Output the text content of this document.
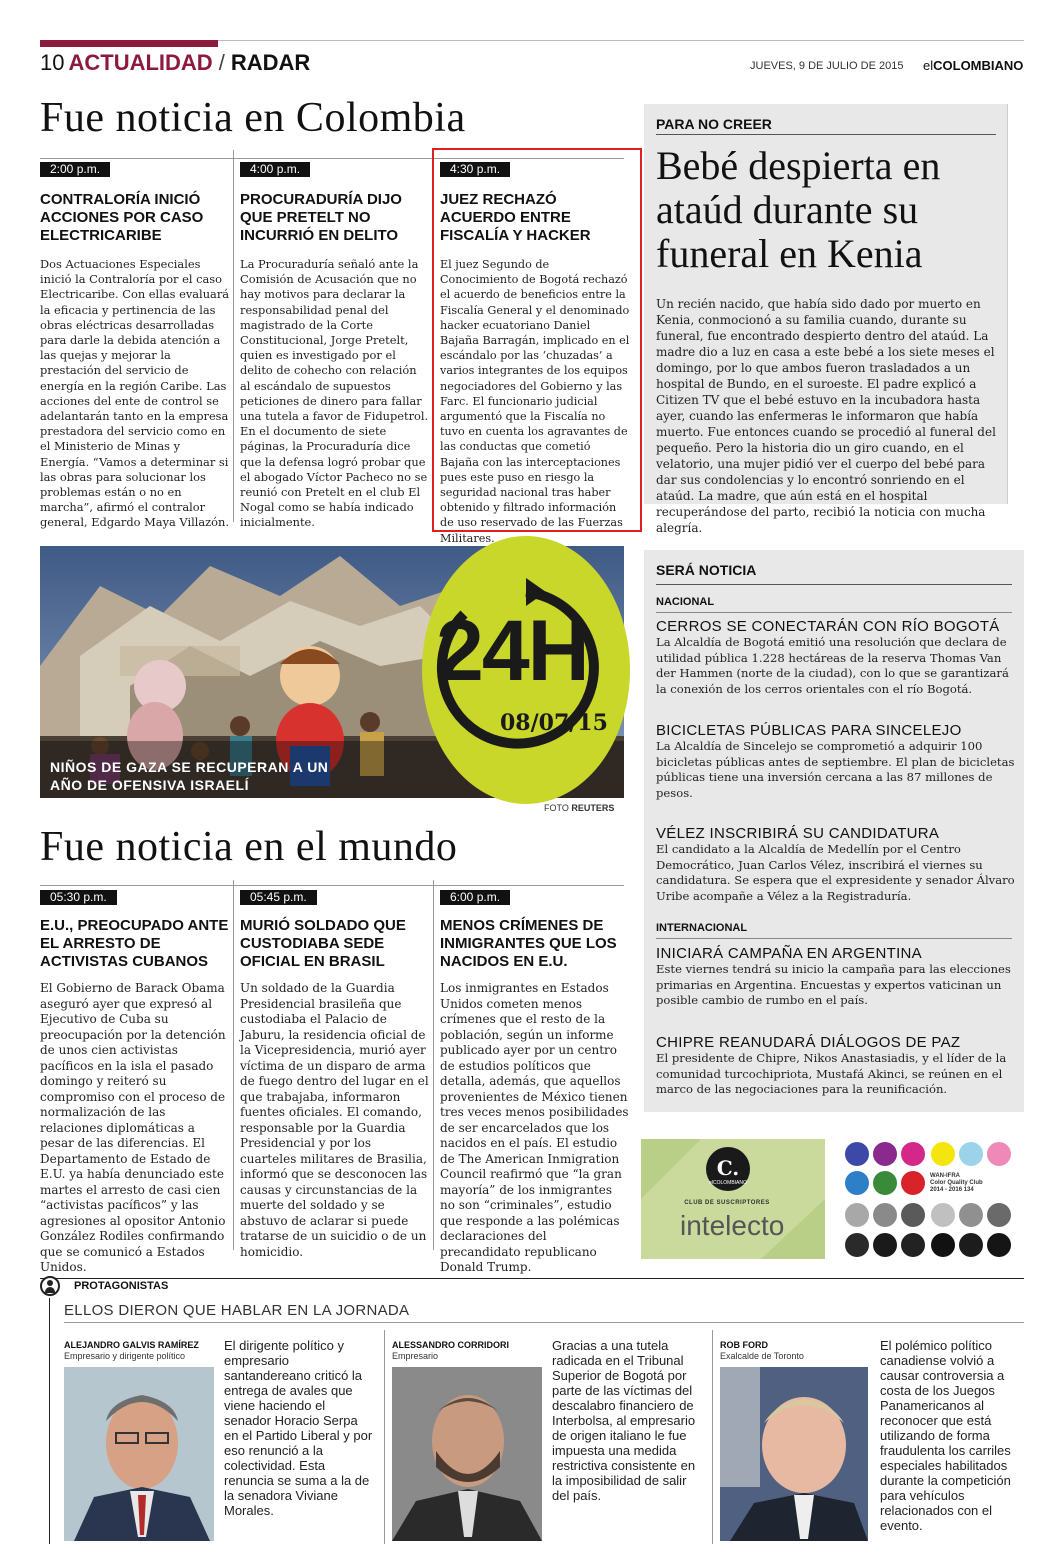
10 ACTUALIDAD / RADAR	JUEVES, 9 DE JULIO DE 2015 elCOLOMBIANO
Fue noticia en Colombia
2:00 p.m.
CONTRALORÍA INICIÓ ACCIONES POR CASO ELECTRICARIBE

Dos Actuaciones Especiales inició la Contraloría por el caso Electricaribe. Con ellas evaluará la eficacia y pertinencia de las obras eléctricas desarrolladas para darle la debida atención a las quejas y mejorar la prestación del servicio de energía en la región Caribe. Las acciones del ente de control se adelantarán tanto en la empresa prestadora del servicio como en el Ministerio de Minas y Energía. “Vamos a determinar si las obras para solucionar los problemas están o no en marcha”, afirmó el contralor general, Edgardo Maya Villazón.

4:00 p.m.
PROCURADURÍA DIJO QUE PRETELT NO INCURRIÓ EN DELITO

La Procuraduría señaló ante la Comisión de Acusación que no hay motivos para declarar la responsabilidad penal del magistrado de la Corte Constitucional, Jorge Pretelt, quien es investigado por el delito de cohecho con relación al escándalo de supuestos peticiones de dinero para fallar una tutela a favor de Fidupetrol. En el documento de siete páginas, la Procuraduría dice que la defensa logró probar que el abogado Víctor Pacheco no se reunió con Pretelt en el club El Nogal como se había indicado inicialmente.

4:30 p.m.
JUEZ RECHAZÓ ACUERDO ENTRE FISCALÍA Y HACKER

El juez Segundo de Conocimiento de Bogotá rechazó el acuerdo de beneficios entre la Fiscalía General y el denominado hacker ecuatoriano Daniel Bajaña Barragán, implicado en el escándalo por las ‘chuzadas’ a varios integrantes de los equipos negociadores del Gobierno y las Farc. El funcionario judicial argumentó que la Fiscalía no tuvo en cuenta los agravantes de las conductas que cometió Bajaña con las interceptaciones pues este puso en riesgo la seguridad nacional tras haber obtenido y filtrado información de uso reservado de las Fuerzas Militares.

PARA NO CREER
Bebé despierta en ataúd durante su funeral en Kenia
Un recién nacido, que había sido dado por muerto en Kenia, conmocionó a su familia cuando, durante su funeral, fue encontrado despierto dentro del ataúd. La madre dio a luz en casa a este bebé a los siete meses el domingo, por lo que ambos fueron trasladados a un hospital de Bundo, en el suroeste. El padre explicó a Citizen TV que el bebé estuvo en la incubadora hasta ayer, cuando las enfermeras le informaron que había muerto. Fue entonces cuando se procedió al funeral del pequeño. Pero la historia dio un giro cuando, en el velatorio, una mujer pidió ver el cuerpo del bebé para dar sus condolencias y lo encontró sonriendo en el ataúd. La madre, que aún está en el hospital recuperándose del parto, recibió la noticia con mucha alegría.
NIÑOS DE GAZA SE RECUPERAN A UN AÑO DE OFENSIVA ISRAELÍ
24H
08/07/15
FOTO REUTERS
SERÁ NOTICIA
NACIONAL
CERROS SE CONECTARÁN CON RÍO BOGOTÁ
La Alcaldía de Bogotá emitió una resolución que declara de utilidad pública 1.228 hectáreas de la reserva Thomas Van der Hammen (norte de la ciudad), con lo que se garantizará la conexión de los cerros orientales con el río Bogotá.
BICICLETAS PÚBLICAS PARA SINCELEJO
La Alcaldía de Sincelejo se comprometió a adquirir 100 bicicletas públicas antes de septiembre. El plan de bicicletas públicas tiene una inversión cercana a las 87 millones de pesos.
VÉLEZ INSCRIBIRÁ SU CANDIDATURA
El candidato a la Alcaldía de Medellín por el Centro Democrático, Juan Carlos Vélez, inscribirá el viernes su candidatura. Se espera que el expresidente y senador Álvaro Uribe acompañe a Vélez a la Registraduría.
INTERNACIONAL
INICIARÁ CAMPAÑA EN ARGENTINA
Este viernes tendrá su inicio la campaña para las elecciones primarias en Argentina. Encuestas y expertos vaticinan un posible cambio de rumbo en el país.
CHIPRE REANUDARÁ DIÁLOGOS DE PAZ
El presidente de Chipre, Nikos Anastasiadis, y el líder de la comunidad turcochipriota, Mustafá Akinci, se reúnen en el marco de las negociaciones para la reunificación.
Fue noticia en el mundo
05:30 p.m.
E.U., PREOCUPADO ANTE EL ARRESTO DE ACTIVISTAS CUBANOS

El Gobierno de Barack Obama aseguró ayer que expresó al Ejecutivo de Cuba su preocupación por la detención de unos cien activistas pacíficos en la isla el pasado domingo y reiteró su compromiso con el proceso de normalización de las relaciones diplomáticas a pesar de las diferencias. El Departamento de Estado de E.U. ya había denunciado este martes el arresto de casi cien “activistas pacíficos” y las agresiones al opositor Antonio González Rodiles confirmando que se comunicó a Estados Unidos.

05:45 p.m.
MURIÓ SOLDADO QUE CUSTODIABA SEDE OFICIAL EN BRASIL

Un soldado de la Guardia Presidencial brasileña que custodiaba el Palacio de Jaburu, la residencia oficial de la Vicepresidencia, murió ayer víctima de un disparo de arma de fuego dentro del lugar en el que trabajaba, informaron fuentes oficiales. El comando, responsable por la Guardia Presidencial y por los cuarteles militares de Brasilia, informó que se desconocen las causas y circunstancias de la muerte del soldado y se abstuvo de aclarar si puede tratarse de un suicidio o de un homicidio.

6:00 p.m.
MENOS CRÍMENES DE INMIGRANTES QUE LOS NACIDOS EN E.U.

Los inmigrantes en Estados Unidos cometen menos crímenes que el resto de la población, según un informe publicado ayer por un centro de estudios políticos que detalla, además, que aquellos provenientes de México tienen tres veces menos posibilidades de ser encarcelados que los nacidos en el país. El estudio de The American Inmigration Council reafirmó que “la gran mayoría” de los inmigrantes no son “criminales”, estudio que responde a las polémicas declaraciones del precandidato republicano Donald Trump.

C.
elCOLOMBIANO
CLUB DE SUSCRIPTORES
intelecto
WAN-IFRA
Color Quality Club
2014 - 2016 134
PROTAGONISTAS
ELLOS DIERON QUE HABLAR EN LA JORNADA
ALEJANDRO GALVIS RAMÍREZ
Empresario y dirigente político
El dirigente político y empresario santandereano criticó la entrega de avales que viene haciendo el senador Horacio Serpa en el Partido Liberal y por eso renunció a la colectividad. Esta renuncia se suma a la de la senadora Viviane Morales.
ALESSANDRO CORRIDORI
Empresario
Gracias a una tutela radicada en el Tribunal Superior de Bogotá por parte de las víctimas del descalabro financiero de Interbolsa, al empresario de origen italiano le fue impuesta una medida restrictiva consistente en la imposibilidad de salir del país.
ROB FORD
Exalcalde de Toronto
El polémico político canadiense volvió a causar controversia a costa de los Juegos Panamericanos al reconocer que está utilizando de forma fraudulenta los carriles especiales habilitados durante la competición para vehículos relacionados con el evento.
